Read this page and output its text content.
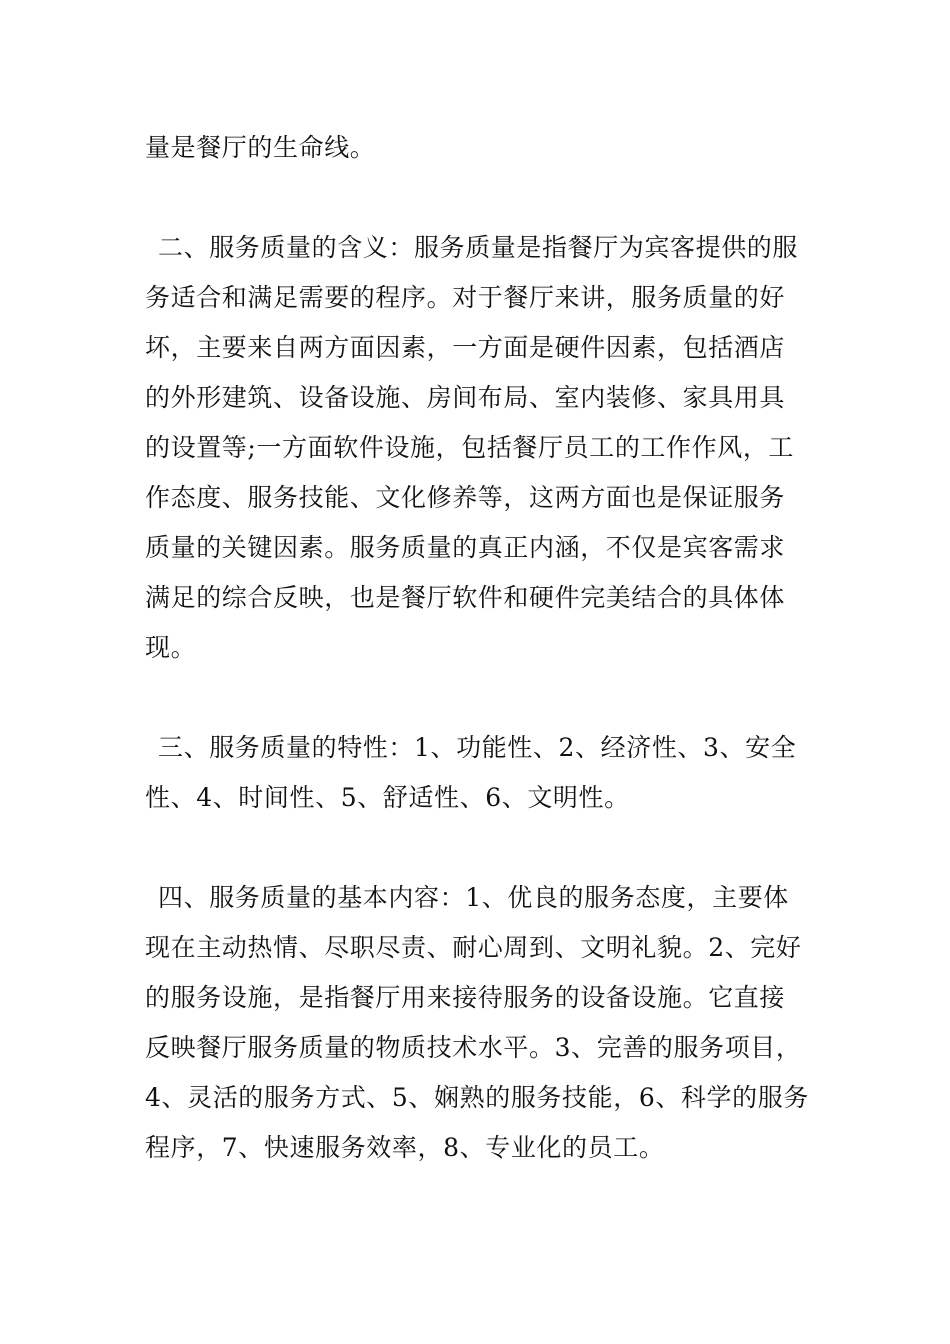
量是餐厅的生命线。
二、服务质量的含义：服务质量是指餐厅为宾客提供的服
务适合和满足需要的程序。对于餐厅来讲，服务质量的好
坏，主要来自两方面因素，一方面是硬件因素，包括酒店
的外形建筑、设备设施、房间布局、室内装修、家具用具
的设置等;一方面软件设施，包括餐厅员工的工作作风，工
作态度、服务技能、文化修养等，这两方面也是保证服务
质量的关键因素。服务质量的真正内涵，不仅是宾客需求
满足的综合反映，也是餐厅软件和硬件完美结合的具体体
现。
三、服务质量的特性：1、功能性、2、经济性、3、安全
性、4、时间性、5、舒适性、6、文明性。
四、服务质量的基本内容：1、优良的服务态度，主要体
现在主动热情、尽职尽责、耐心周到、文明礼貌。2、完好
的服务设施，是指餐厅用来接待服务的设备设施。它直接
反映餐厅服务质量的物质技术水平。3、完善的服务项目，
4、灵活的服务方式、5、娴熟的服务技能，6、科学的服务
程序，7、快速服务效率，8、专业化的员工。
